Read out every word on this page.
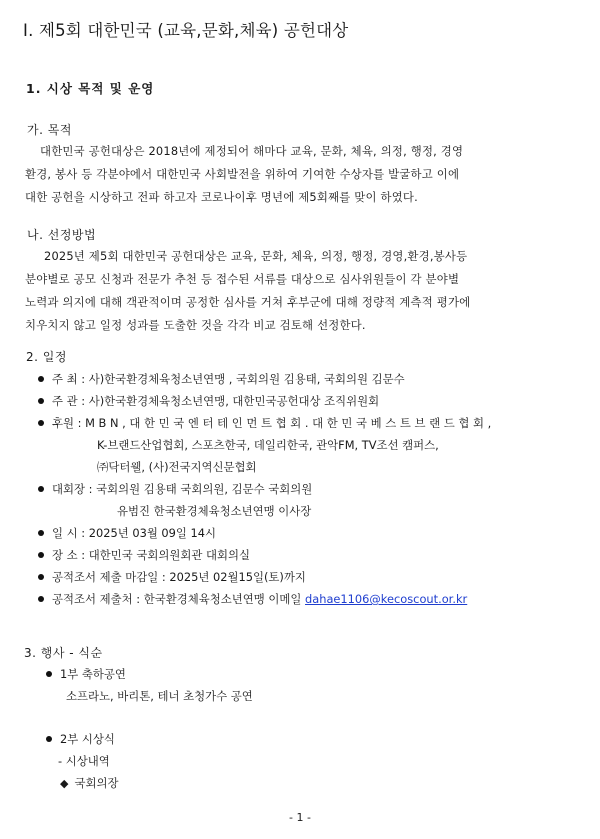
Ⅰ. 제5회 대한민국 (교육,문화,체육) 공헌대상
1. 시상 목적 및 운영
가. 목적
대한민국 공헌대상은 2018년에 제정되어 해마다 교육, 문화, 체육, 의정, 행정, 경영
환경, 봉사 등 각분야에서 대한민국 사회발전을 위하여 기여한 수상자를 발굴하고 이에
대한 공헌을 시상하고 전파 하고자 코로나이후 명년에 제5회째를 맞이 하였다.
나. 선정방법
2025년 제5회 대한민국 공헌대상은 교육, 문화, 체육, 의정, 행정, 경영,환경,봉사등
분야별로 공모 신청과 전문가 추천 등 접수된 서류를 대상으로 심사위원들이 각 분야별
노력과 의지에 대해 객관적이며 공정한 심사를 거쳐 후부군에 대해 정량적 계측적 평가에
치우치지 않고 일정 성과를 도출한 것을 각각 비교 검토해 선정한다.
2. 일정
주 최 : 사)한국환경체육청소년연맹 , 국회의원 김용태, 국회의원 김문수
주 관 : 사)한국환경체육청소년연맹, 대한민국공헌대상 조직위원회
후원 : M B N , 대 한 민 국 엔 터 테 인 먼 트 협 회 . 대 한 민 국 베 스 트 브 랜 드 협 회 ,
K-브랜드산업협회, 스포츠한국, 데일리한국, 관악FM, TV조선 캠퍼스,
㈜닥터웰, (사)전국지역신문협회
대회장 : 국회의원 김용태 국회의원, 김문수 국회의원
유범진 한국환경체육청소년연맹 이사장
일 시 : 2025년 03월 09일 14시
장 소 : 대한민국 국회의원회관 대회의실
공적조서 제출 마감일 : 2025년 02월15일(토)까지
공적조서 제출처 : 한국환경체육청소년연맹 이메일 dahae1106@kecoscout.or.kr
3. 행사 - 식순
1부 축하공연
소프라노, 바리톤, 테너 초청가수 공연
2부 시상식
- 시상내역
◆ 국회의장
- 1 -
